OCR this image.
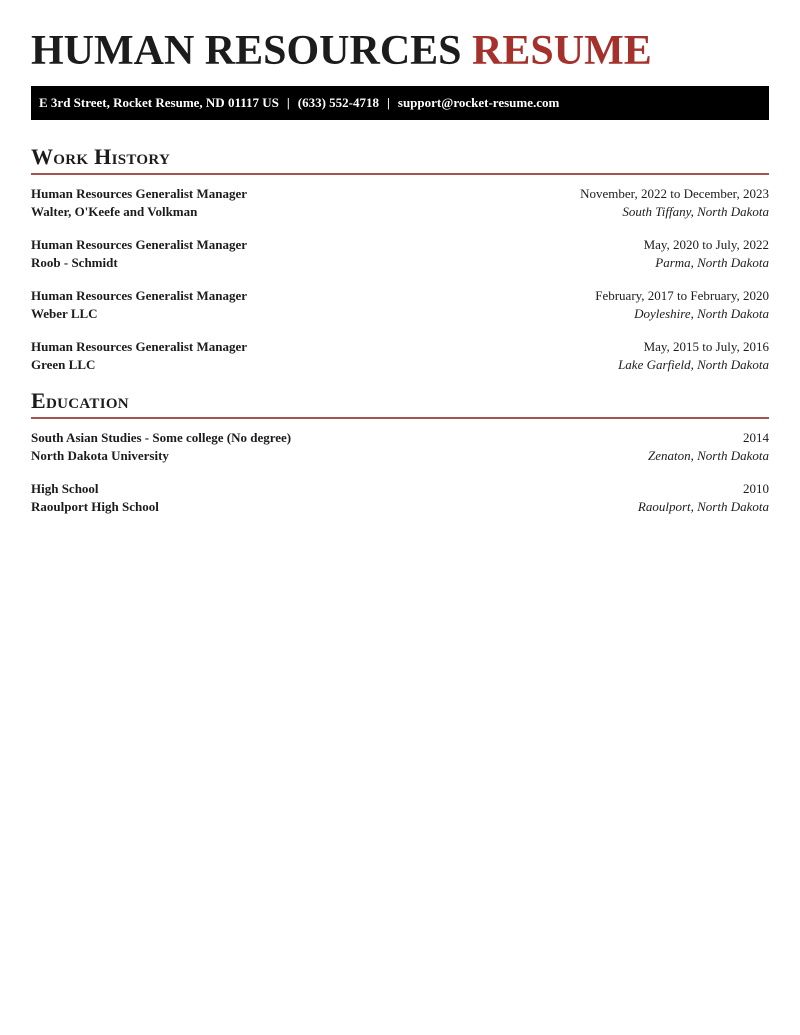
HUMAN RESOURCES RESUME
E 3rd Street, Rocket Resume, ND 01117 US | (633) 552-4718 | support@rocket-resume.com
Work History
Human Resources Generalist Manager	November, 2022 to December, 2023
Walter, O'Keefe and Volkman	South Tiffany, North Dakota
Human Resources Generalist Manager	May, 2020 to July, 2022
Roob - Schmidt	Parma, North Dakota
Human Resources Generalist Manager	February, 2017 to February, 2020
Weber LLC	Doyleshire, North Dakota
Human Resources Generalist Manager	May, 2015 to July, 2016
Green LLC	Lake Garfield, North Dakota
Education
South Asian Studies - Some college (No degree)	2014
North Dakota University	Zenaton, North Dakota
High School	2010
Raoulport High School	Raoulport, North Dakota
